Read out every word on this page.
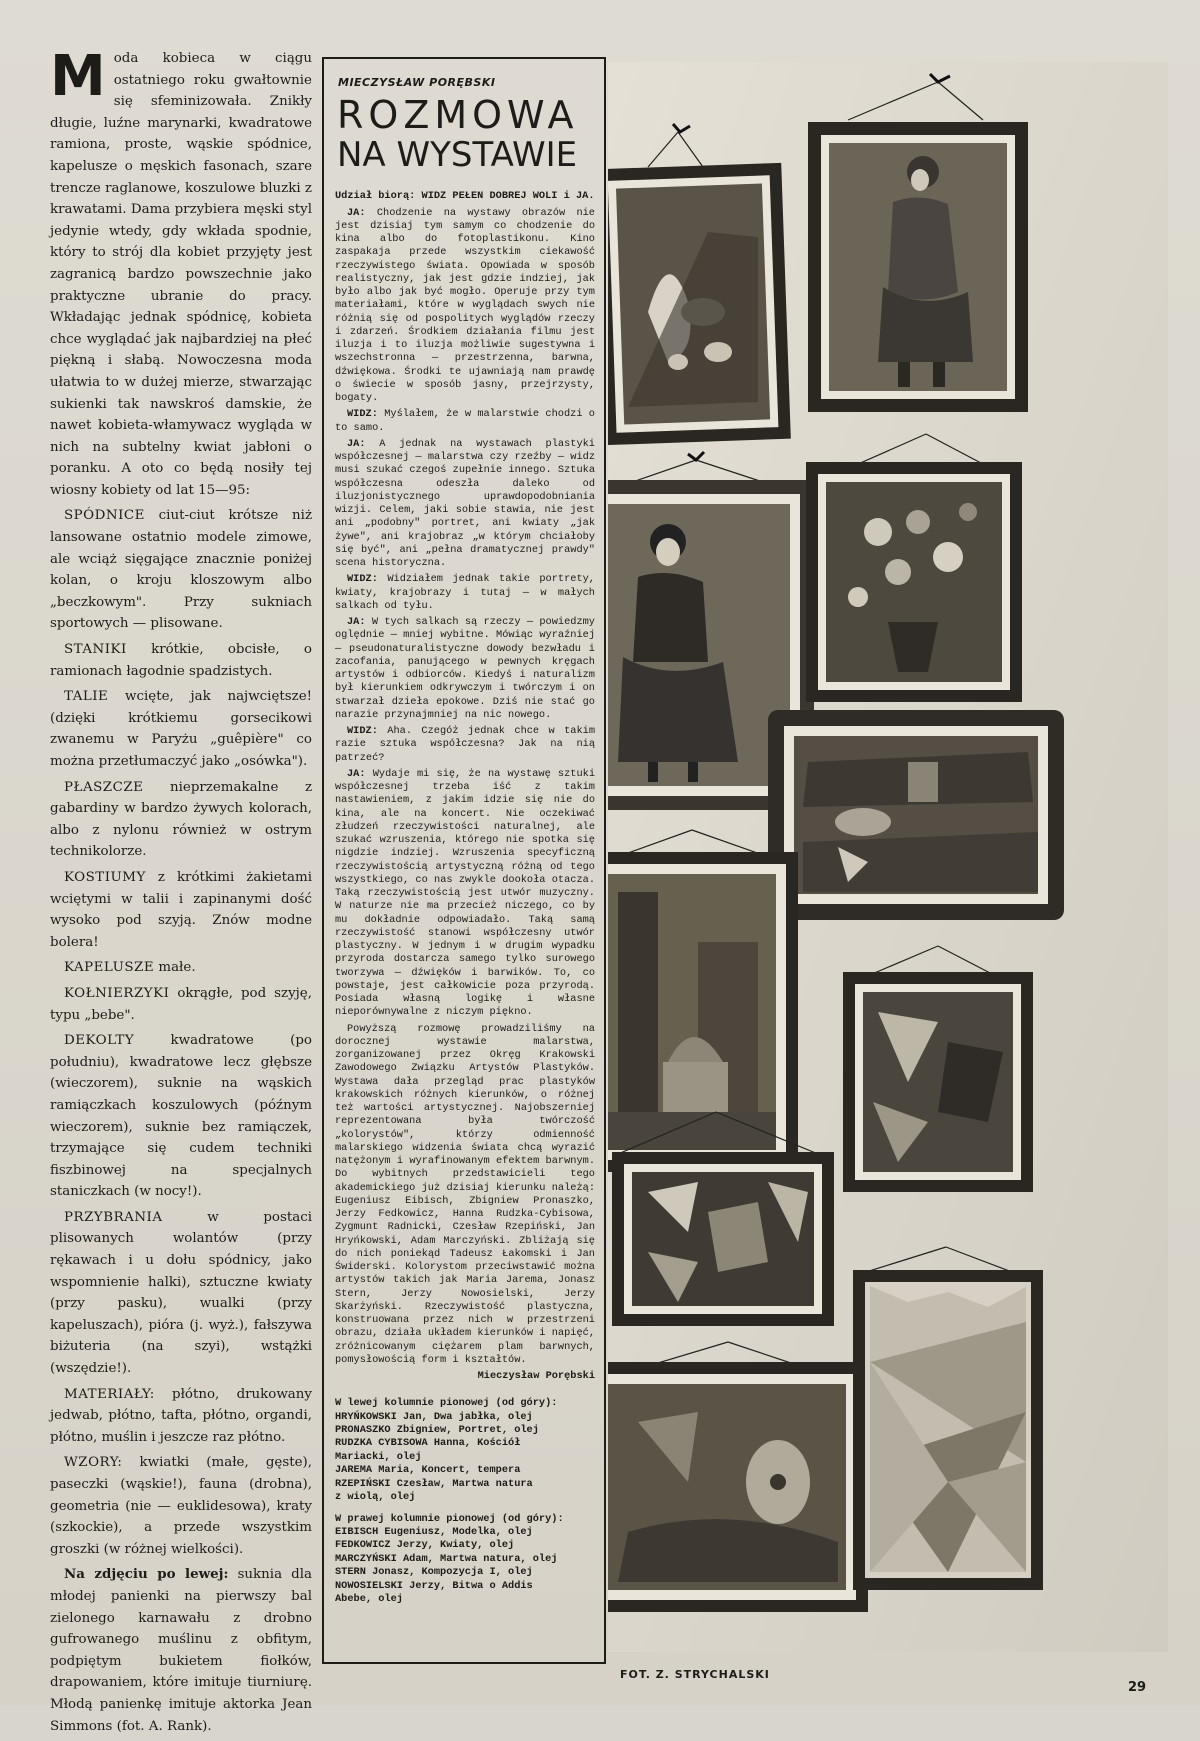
Moda kobieca w ciągu ostatniego roku gwałtownie się sfeminizowała. Znikły długie, luźne marynarki, kwadratowe ramiona, proste, wąskie spódnice, kapelusze o męskich fasonach, szare trencze raglanowe, koszulowe bluzki z krawatami. Dama przybiera męski styl jedynie wtedy, gdy wkłada spodnie, który to strój dla kobiet przyjęty jest zagranicą bardzo powszechnie jako praktyczne ubranie do pracy. Wkładając jednak spódnicę, kobieta chce wyglądać jak najbardziej na płeć piękną i słabą. Nowoczesna moda ułatwia to w dużej mierze, stwarzając sukienki tak nawskroś damskie, że nawet kobieta-włamywacz wygląda w nich na subtelny kwiat jabłoni o poranku. A oto co będą nosiły tej wiosny kobiety od lat 15—95:

SPÓDNICE ciut-ciut krótsze niż lansowane ostatnio modele zimowe, ale wciąż sięgające znacznie poniżej kolan, o kroju kloszowym albo „beczkowym". Przy sukniach sportowych — plisowane.

STANIKI krótkie, obcisłe, o ramionach łagodnie spadzistych.

TALIE wcięte, jak najwciętsze! (dzięki krótkiemu gorsecikowi zwanemu w Paryżu „guêpière" co można przetłumaczyć jako „osówka").

PŁASZCZE nieprzemakalne z gabardiny w bardzo żywych kolorach, albo z nylonu również w ostrym technikolorze.

KOSTIUMY z krótkimi żakietami wciętymi w talii i zapinanymi dość wysoko pod szyją. Znów modne bolera!

KAPELUSZE małe.

KOŁNIERZYKI okrągłe, pod szyję, typu „bebe".

DEKOLTY kwadratowe (po południu), kwadratowe lecz głębsze (wieczorem), suknie na wąskich ramiączkach koszulowych (późnym wieczorem), suknie bez ramiączek, trzymające się cudem techniki fiszbinowej na specjalnych staniczkach (w nocy!).

PRZYBRANIA w postaci plisowanych wolantów (przy rękawach i u dołu spódnicy, jako wspomnienie halki), sztuczne kwiaty (przy pasku), wualki (przy kapeluszach), pióra (j. wyż.), fałszywa biżuteria (na szyi), wstążki (wszędzie!).

MATERIAŁY: płótno, drukowany jedwab, płótno, tafta, płótno, organdi, płótno, muślin i jeszcze raz płótno.

WZORY: kwiatki (małe, gęste), paseczki (wąskie!), fauna (drobna), geometria (nie — euklidesowa), kraty (szkockie), a przede wszystkim groszki (w różnej wielkości).

Na zdjęciu po lewej: suknia dla młodej panienki na pierwszy bal zielonego karnawału z drobno gufrowanego muślinu z obfitym, podpiętym bukietem fiołków, drapowaniem, które imituje tiurniurę. Młodą panienkę imituje aktorka Jean Simmons (fot. A. Rank).

MIECZYSŁAW PORĘBSKI
ROZMOWA
NA WYSTAWIE

Udział biorą: WIDZ PEŁEN DOBREJ WOLI i JA.

JA: Chodzenie na wystawy obrazów nie jest dzisiaj tym samym co chodzenie do kina albo do fotoplastikonu. Kino zaspakaja przede wszystkim ciekawość rzeczywistego świata. Opowiada w sposób realistyczny, jak jest gdzie indziej, jak było albo jak być mogło. Operuje przy tym materiałami, które w wyglądach swych nie różnią się od pospolitych wyglądów rzeczy i zdarzeń. Środkiem działania filmu jest iluzja i to iluzja możliwie sugestywna i wszechstronna — przestrzenna, barwna, dźwiękowa. Środki te ujawniają nam prawdę o świecie w sposób jasny, przejrzysty, bogaty.

WIDZ: Myślałem, że w malarstwie chodzi o to samo.

JA: A jednak na wystawach plastyki współczesnej — malarstwa czy rzeźby — widz musi szukać czegoś zupełnie innego. Sztuka współczesna odeszła daleko od iluzjonistycznego uprawdopodobniania wizji. Celem, jaki sobie stawia, nie jest ani „podobny" portret, ani kwiaty „jak żywe", ani krajobraz „w którym chciałoby się być", ani „pełna dramatycznej prawdy" scena historyczna.

WIDZ: Widziałem jednak takie portrety, kwiaty, krajobrazy i tutaj — w małych salkach od tyłu.

JA: W tych salkach są rzeczy — powiedzmy oględnie — mniej wybitne. Mówiąc wyraźniej — pseudonaturalistyczne dowody bezwładu i zacofania, panującego w pewnych kręgach artystów i odbiorców. Kiedyś i naturalizm był kierunkiem odkrywczym i twórczym i on stwarzał dzieła epokowe. Dziś nie stać go narazie przynajmniej na nic nowego.

WIDZ: Aha. Czegóż jednak chce w takim razie sztuka współczesna? Jak na nią patrzeć?

JA: Wydaje mi się, że na wystawę sztuki współczesnej trzeba iść z takim nastawieniem, z jakim idzie się nie do kina, ale na koncert. Nie oczekiwać złudzeń rzeczywistości naturalnej, ale szukać wzruszenia, którego nie spotka się nigdzie indziej. Wzruszenia specyficzną rzeczywistością artystyczną różną od tego wszystkiego, co nas zwykle dookoła otacza. Taką rzeczywistością jest utwór muzyczny. W naturze nie ma przecież niczego, co by mu dokładnie odpowiadało. Taką samą rzeczywistość stanowi współczesny utwór plastyczny. W jednym i w drugim wypadku przyroda dostarcza samego tylko surowego tworzywa — dźwięków i barwików. To, co powstaje, jest całkowicie poza przyrodą. Posiada własną logikę i własne nieporównywalne z niczym piękno.

Powyższą rozmowę prowadziliśmy na dorocznej wystawie malarstwa, zorganizowanej przez Okręg Krakowski Zawodowego Związku Artystów Plastyków. Wystawa dała przegląd prac plastyków krakowskich różnych kierunków, o różnej też wartości artystycznej. Najobszerniej reprezentowana była twórczość „kolorystów", którzy odmienność malarskiego widzenia świata chcą wyrazić natężonym i wyrafinowanym efektem barwnym. Do wybitnych przedstawicieli tego akademickiego już dzisiaj kierunku należą: Eugeniusz Eibisch, Zbigniew Pronaszko, Jerzy Fedkowicz, Hanna Rudzka-Cybisowa, Zygmunt Radnicki, Czesław Rzepiński, Jan Hryńkowski, Adam Marczyński. Zbliżają się do nich poniekąd Tadeusz Łakomski i Jan Świderski. Kolorystom przeciwstawić można artystów takich jak Maria Jarema, Jonasz Stern, Jerzy Nowosielski, Jerzy Skarżyński. Rzeczywistość plastyczna, konstruowana przez nich w przestrzeni obrazu, działa układem kierunków i napięć, zróżnicowanym ciężarem plam barwnych, pomysłowością form i kształtów.

Mieczysław Porębski

W lewej kolumnie pionowej (od góry):
HRYŃKOWSKI Jan, Dwa jabłka, olej
PRONASZKO Zbigniew, Portret, olej
RUDZKA CYBISOWA Hanna, Kościół
Mariacki, olej
JAREMA Maria, Koncert, tempera
RZEPIŃSKI Czesław, Martwa natura
z wiolą, olej
W prawej kolumnie pionowej (od góry):
EIBISCH Eugeniusz, Modelka, olej
FEDKOWICZ Jerzy, Kwiaty, olej
MARCZYŃSKI Adam, Martwa natura, olej
STERN Jonasz, Kompozycja I, olej
NOWOSIELSKI Jerzy, Bitwa o Addis
Abebe, olej
FOT. Z. STRYCHALSKI
29
